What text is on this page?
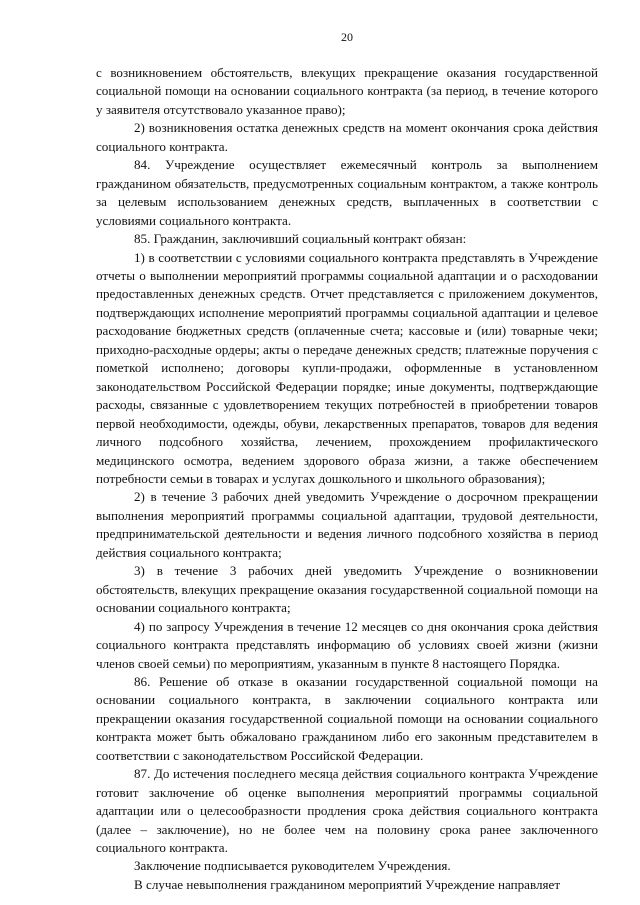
20

с возникновением обстоятельств, влекущих прекращение оказания государственной социальной помощи на основании социального контракта (за период, в течение которого у заявителя отсутствовало указанное право);

2) возникновения остатка денежных средств на момент окончания срока действия социального контракта.

84. Учреждение осуществляет ежемесячный контроль за выполнением гражданином обязательств, предусмотренных социальным контрактом, а также контроль за целевым использованием денежных средств, выплаченных в соответствии с условиями социального контракта.

85. Гражданин, заключивший социальный контракт обязан:

1) в соответствии с условиями социального контракта представлять в Учреждение отчеты о выполнении мероприятий программы социальной адаптации и о расходовании предоставленных денежных средств. Отчет представляется с приложением документов, подтверждающих исполнение мероприятий программы социальной адаптации и целевое расходование бюджетных средств (оплаченные счета; кассовые и (или) товарные чеки; приходно-расходные ордеры; акты о передаче денежных средств; платежные поручения с пометкой исполнено; договоры купли-продажи, оформленные в установленном законодательством Российской Федерации порядке; иные документы, подтверждающие расходы, связанные с удовлетворением текущих потребностей в приобретении товаров первой необходимости, одежды, обуви, лекарственных препаратов, товаров для ведения личного подсобного хозяйства, лечением, прохождением профилактического медицинского осмотра, ведением здорового образа жизни, а также обеспечением потребности семьи в товарах и услугах дошкольного и школьного образования);

2) в течение 3 рабочих дней уведомить Учреждение о досрочном прекращении выполнения мероприятий программы социальной адаптации, трудовой деятельности, предпринимательской деятельности и ведения личного подсобного хозяйства в период действия социального контракта;

3) в течение 3 рабочих дней уведомить Учреждение о возникновении обстоятельств, влекущих прекращение оказания государственной социальной помощи на основании социального контракта;

4) по запросу Учреждения в течение 12 месяцев со дня окончания срока действия социального контракта представлять информацию об условиях своей жизни (жизни членов своей семьи) по мероприятиям, указанным в пункте 8 настоящего Порядка.

86. Решение об отказе в оказании государственной социальной помощи на основании социального контракта, в заключении социального контракта или прекращении оказания государственной социальной помощи на основании социального контракта может быть обжаловано гражданином либо его законным представителем в соответствии с законодательством Российской Федерации.

87. До истечения последнего месяца действия социального контракта Учреждение готовит заключение об оценке выполнения мероприятий программы социальной адаптации или о целесообразности продления срока действия социального контракта (далее – заключение), но не более чем на половину срока ранее заключенного социального контракта.

Заключение подписывается руководителем Учреждения.

В случае невыполнения гражданином мероприятий Учреждение направляет
